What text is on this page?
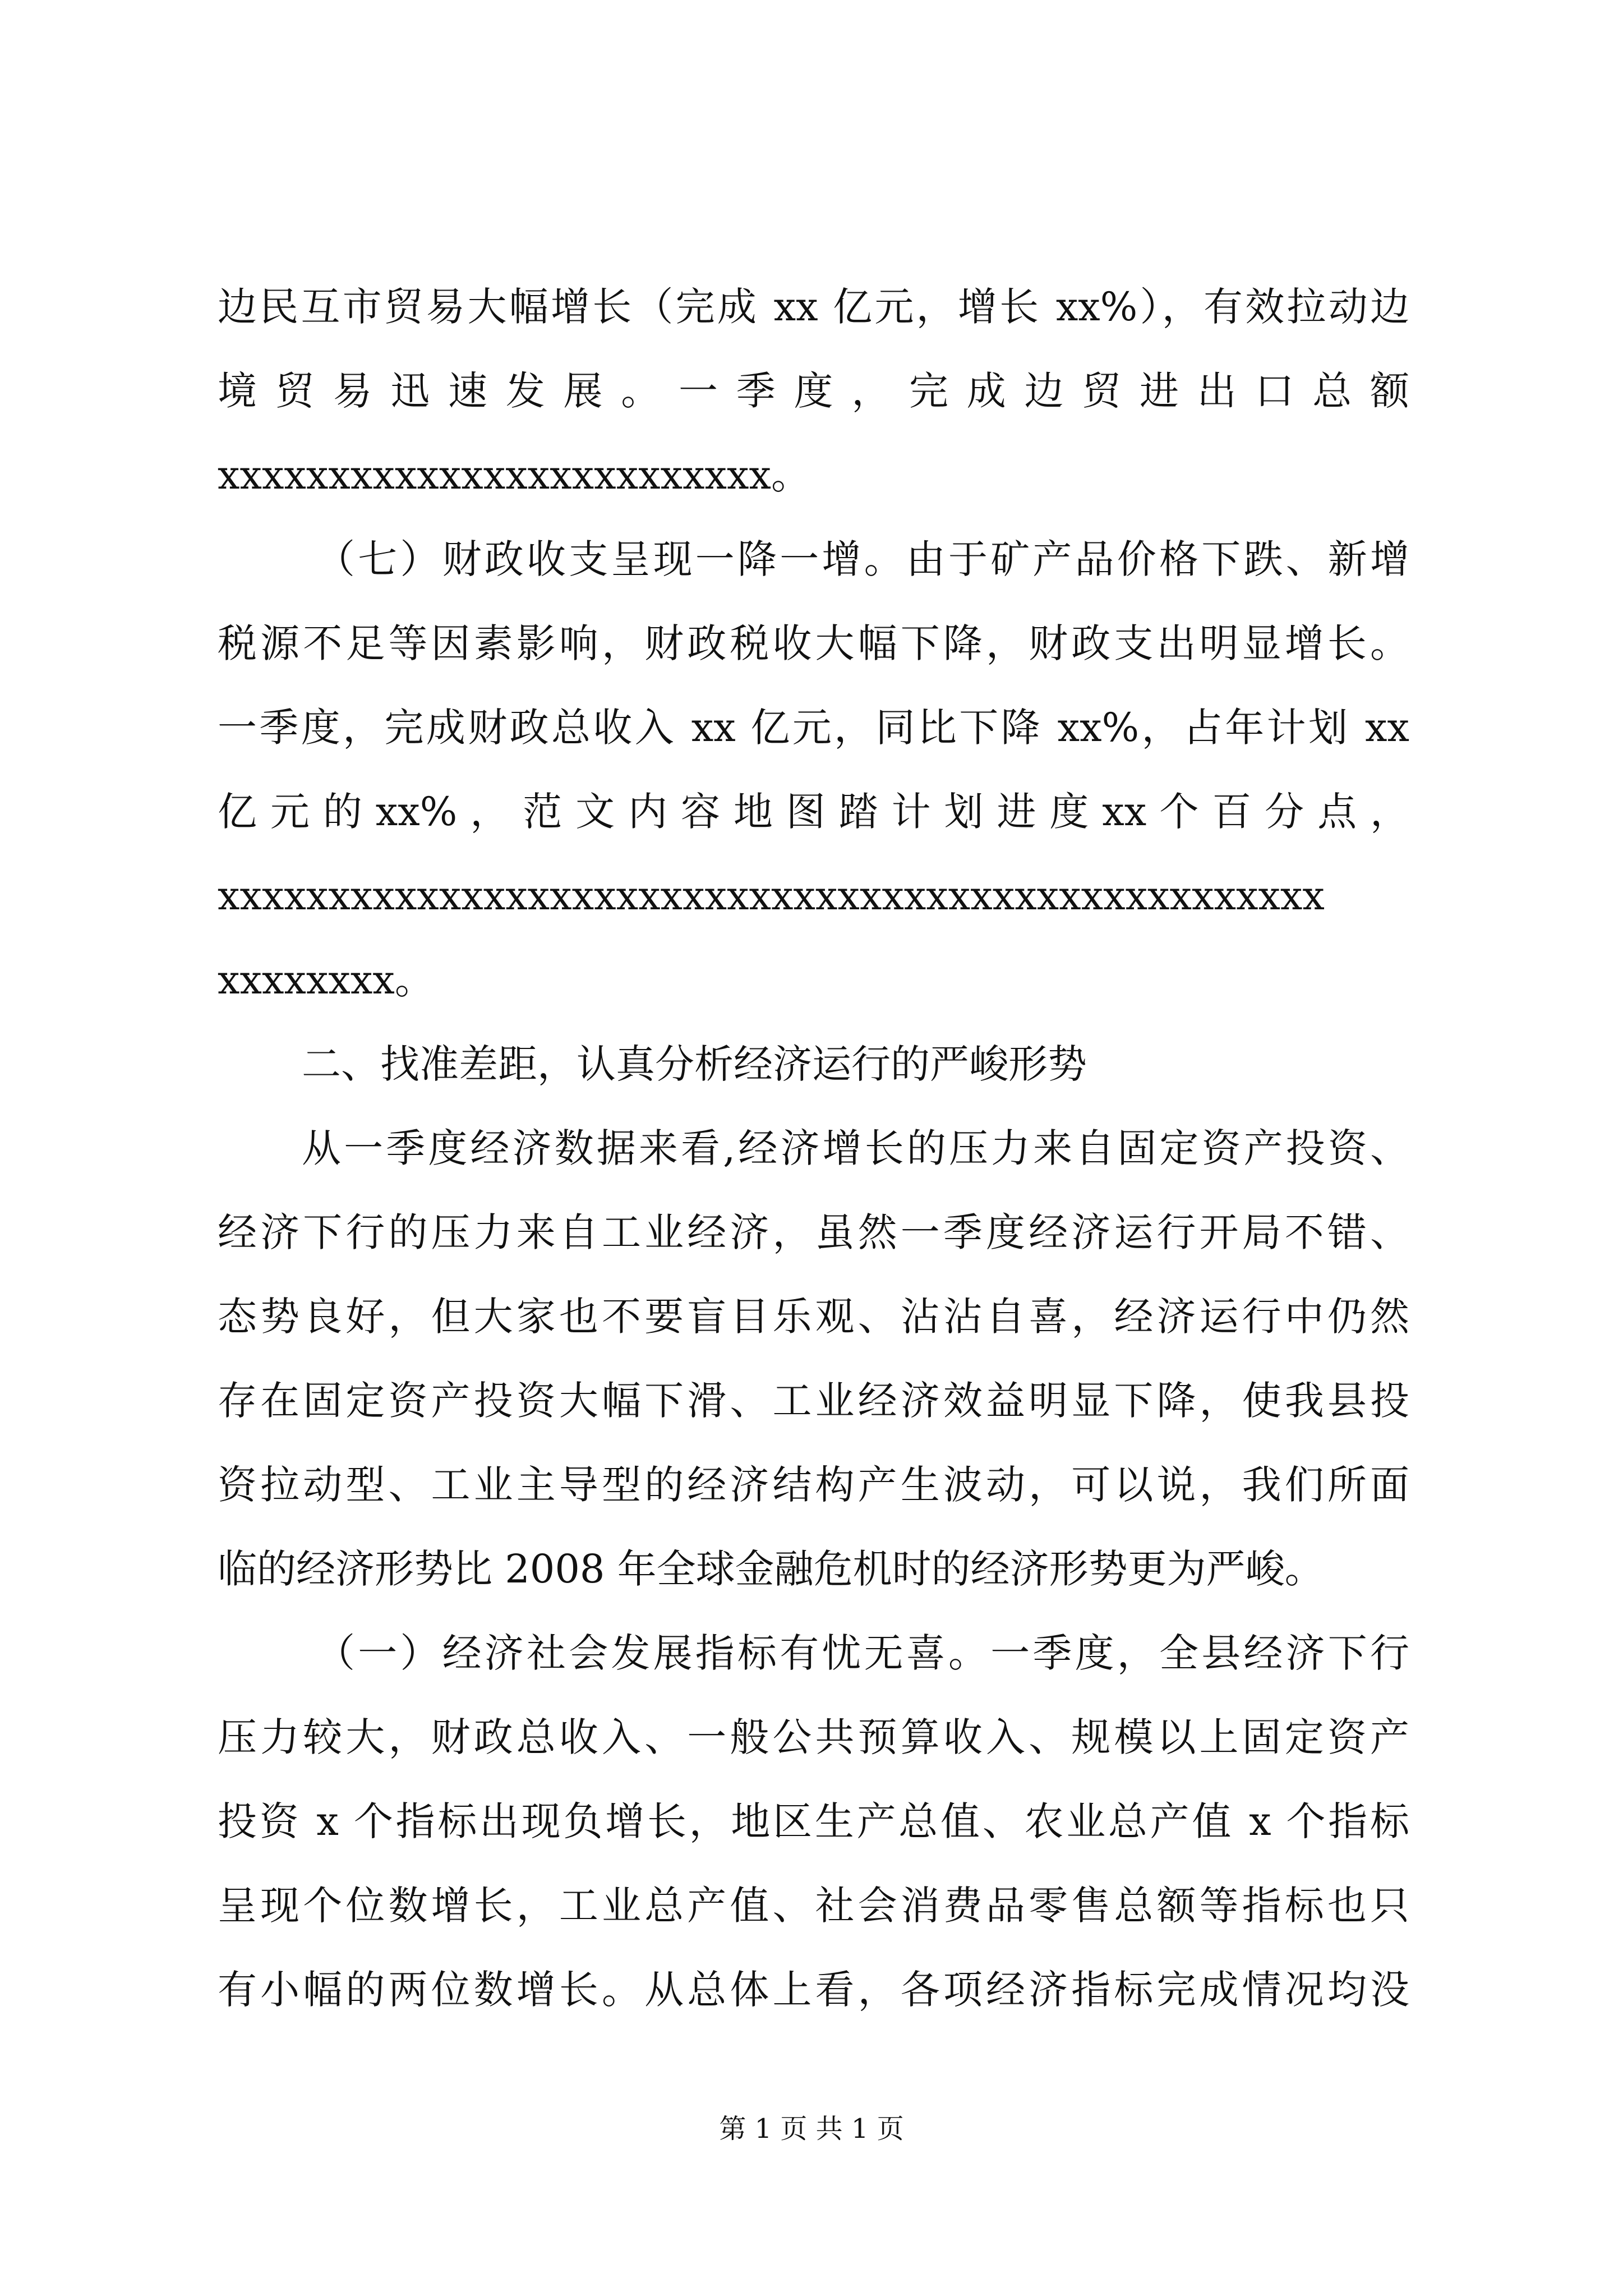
边民互市贸易大幅增长（完成 xx 亿元，增长 xx%），有效拉动边
境 贸 易 迅 速 发 展 。 一 季 度 ， 完 成 边 贸 进 出 口 总 额
xxxxxxxxxxxxxxxxxxxxxxxxx。
（七）财政收支呈现一降一增。由于矿产品价格下跌、新增
税源不足等因素影响，财政税收大幅下降，财政支出明显增长。
一季度，完成财政总收入 xx 亿元，同比下降 xx%，占年计划 xx
亿 元 的 xx% ， 范 文 内 容 地 图 踏 计 划 进 度 xx 个 百 分 点 ，
xxxxxxxxxxxxxxxxxxxxxxxxxxxxxxxxxxxxxxxxxxxxxxxxxx
xxxxxxxx。
二、找准差距，认真分析经济运行的严峻形势
从一季度经济数据来看,经济增长的压力来自固定资产投资、
经济下行的压力来自工业经济，虽然一季度经济运行开局不错、
态势良好，但大家也不要盲目乐观、沾沾自喜，经济运行中仍然
存在固定资产投资大幅下滑、工业经济效益明显下降，使我县投
资拉动型、工业主导型的经济结构产生波动，可以说，我们所面
临的经济形势比 2008 年全球金融危机时的经济形势更为严峻。
（一）经济社会发展指标有忧无喜。一季度，全县经济下行
压力较大，财政总收入、一般公共预算收入、规模以上固定资产
投资 x 个指标出现负增长，地区生产总值、农业总产值 x 个指标
呈现个位数增长，工业总产值、社会消费品零售总额等指标也只
有小幅的两位数增长。从总体上看，各项经济指标完成情况均没
第 1 页 共 1 页
